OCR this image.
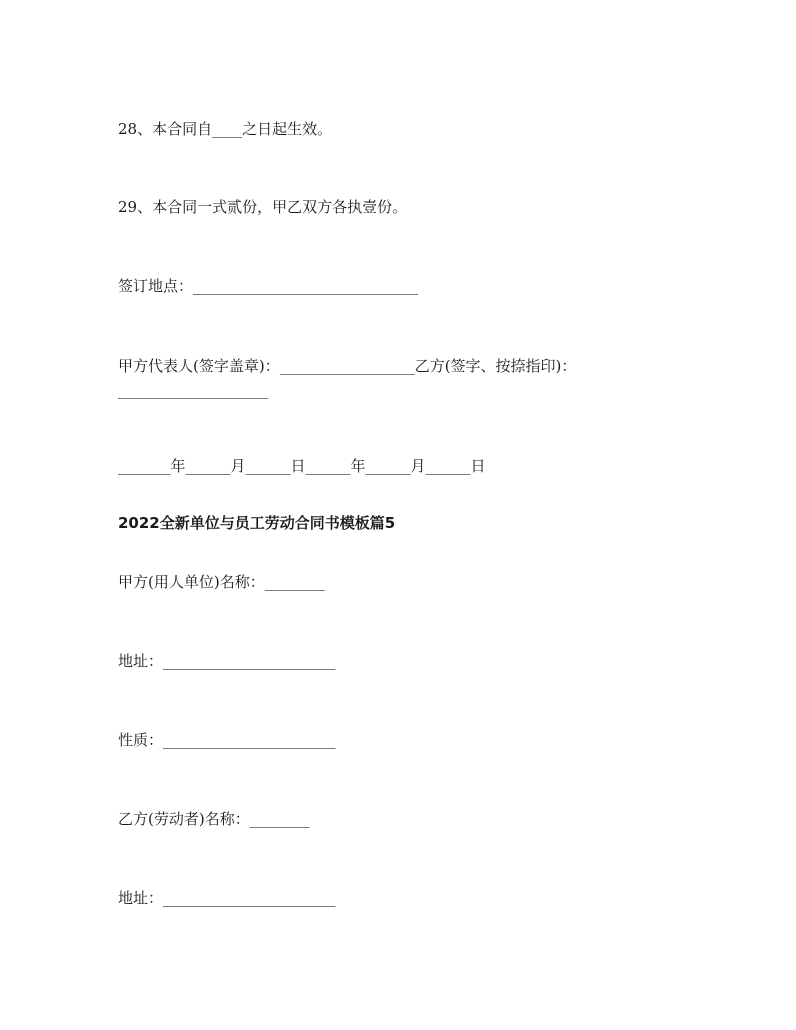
28、本合同自____之日起生效。
29、本合同一式贰份，甲乙双方各执壹份。
签订地点：______________________________
甲方代表人(签字盖章)：__________________乙方(签字、按捺指印)：
____________________
_______年______月______日______年______月______日
2022全新单位与员工劳动合同书模板篇5
甲方(用人单位)名称：________
地址：_______________________
性质：_______________________
乙方(劳动者)名称：________
地址：_______________________
